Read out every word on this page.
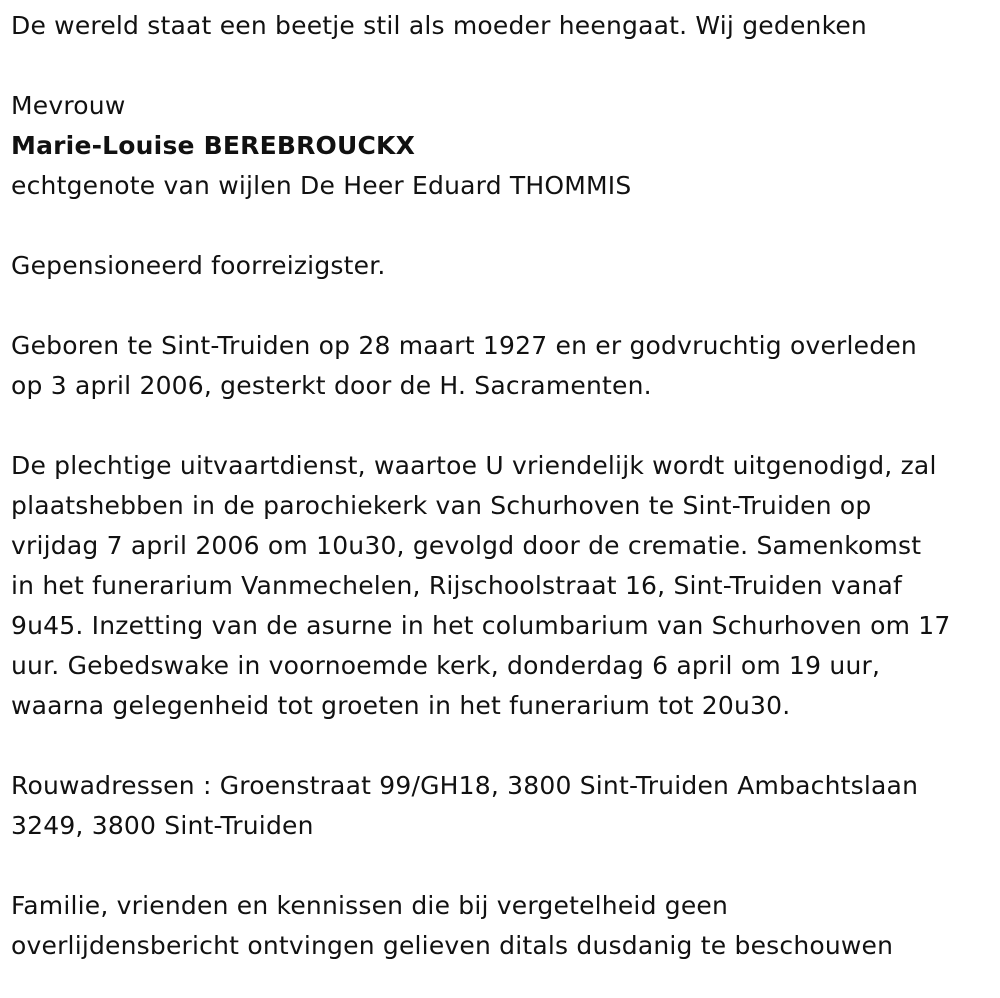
De wereld staat een beetje stil als moeder heengaat. Wij gedenken

Mevrouw

Marie-Louise BEREBROUCKX

echtgenote van wijlen De Heer Eduard THOMMIS

Gepensioneerd foorreizigster.

Geboren te Sint-Truiden op 28 maart 1927 en er godvruchtig overleden

op 3 april 2006, gesterkt door de H. Sacramenten.

De plechtige uitvaartdienst, waartoe U vriendelijk wordt uitgenodigd, zal

plaatshebben in de parochiekerk van Schurhoven te Sint-Truiden op

vrijdag 7 april 2006 om 10u30, gevolgd door de crematie. Samenkomst

in het funerarium Vanmechelen, Rijschoolstraat 16, Sint-Truiden vanaf

9u45. Inzetting van de asurne in het columbarium van Schurhoven om 17

uur. Gebedswake in voornoemde kerk, donderdag 6 april om 19 uur,

waarna gelegenheid tot groeten in het funerarium tot 20u30.

Rouwadressen : Groenstraat 99/GH18, 3800 Sint-Truiden Ambachtslaan

3249, 3800 Sint-Truiden

Familie, vrienden en kennissen die bij vergetelheid geen

overlijdensbericht ontvingen gelieven ditals dusdanig te beschouwen
